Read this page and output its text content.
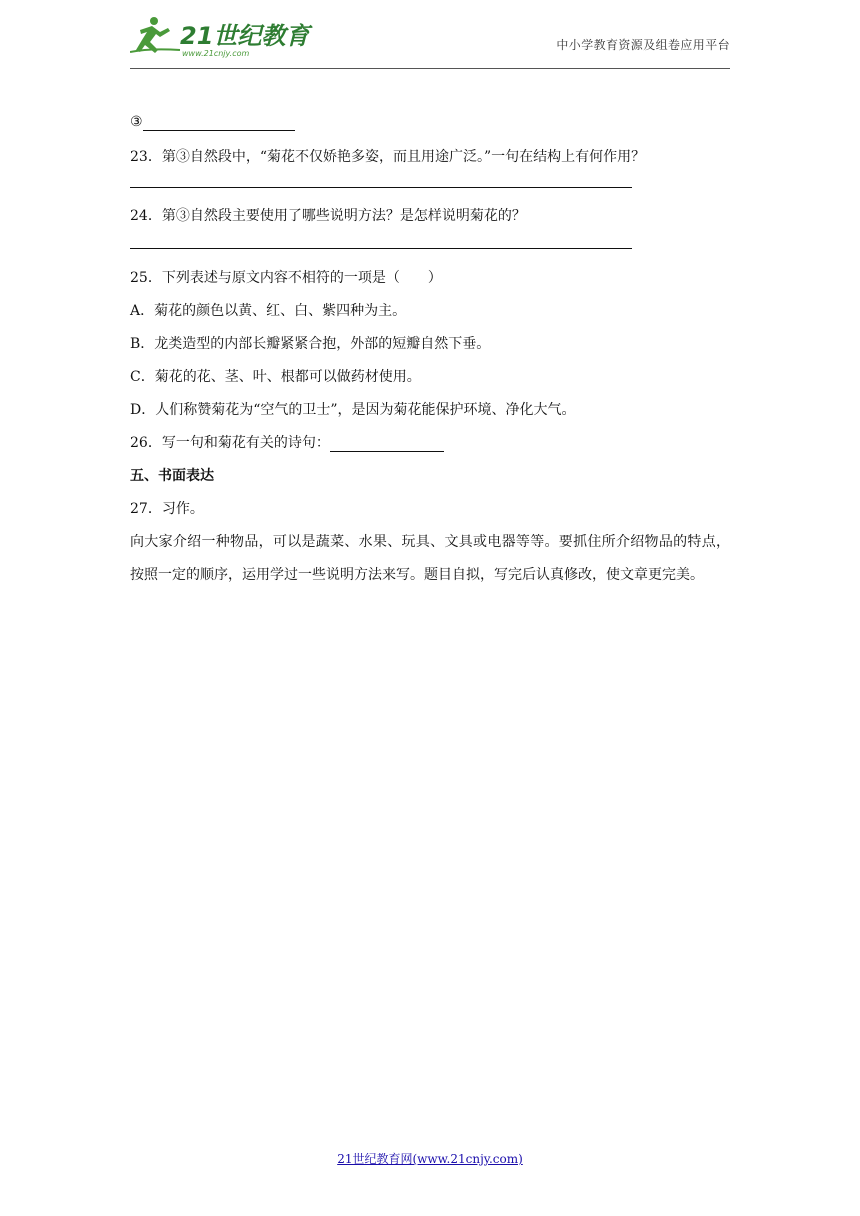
21世纪教育
www.21cnjy.com
中小学教育资源及组卷应用平台
③
23．第③自然段中，“菊花不仅娇艳多姿，而且用途广泛。”一句在结构上有何作用？
24．第③自然段主要使用了哪些说明方法？是怎样说明菊花的？
25．下列表述与原文内容不相符的一项是（　　）
A．菊花的颜色以黄、红、白、紫四种为主。
B．龙类造型的内部长瓣紧紧合抱，外部的短瓣自然下垂。
C．菊花的花、茎、叶、根都可以做药材使用。
D．人们称赞菊花为“空气的卫士”，是因为菊花能保护环境、净化大气。
26．写一句和菊花有关的诗句：
五、书面表达
27．习作。
向大家介绍一种物品，可以是蔬菜、水果、玩具、文具或电器等等。要抓住所介绍物品的特点，按照一定的顺序，运用学过一些说明方法来写。题目自拟，写完后认真修改，使文章更完美。
21世纪教育网(www.21cnjy.com)
